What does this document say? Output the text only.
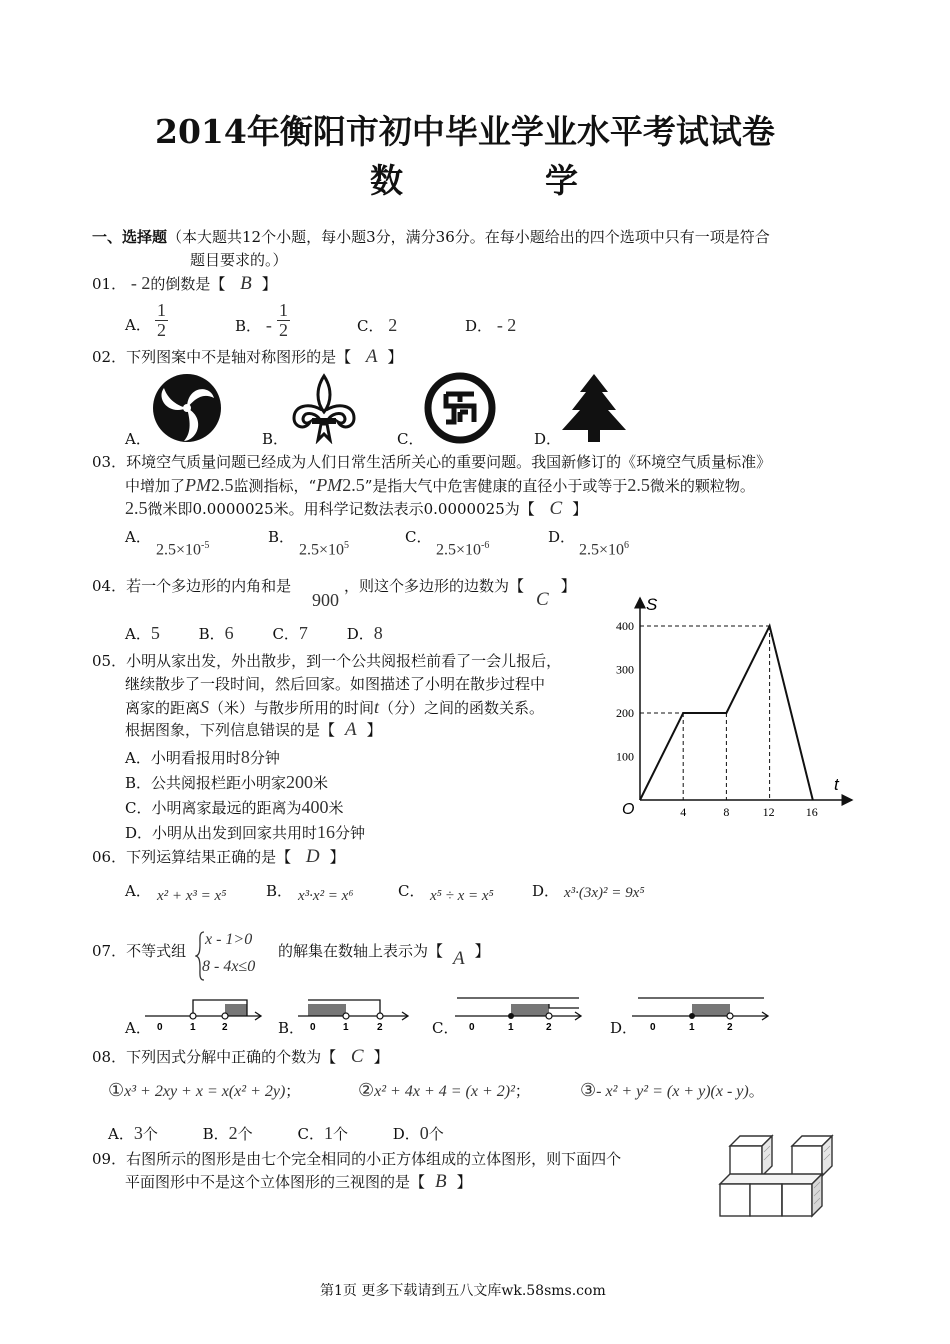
2014年衡阳市初中毕业学业水平考试试卷
数	学
一、选择题（本大题共12个小题，每小题3分，满分36分。在每小题给出的四个选项中只有一项是符合
题目要求的。）
01． - 2的倒数是【 B 】
A． $\frac{1}{2}$	B． - $\frac{1}{2}$	C． 2	D． - 2
02．下列图案中不是轴对称图形的是【 A 】
A．	B．	C．	D．
03．环境空气质量问题已经成为人们日常生活所关心的重要问题。我国新修订的《环境空气质量标准》
中增加了PM2.5监测指标，“PM2.5”是指大气中危害健康的直径小于或等于2.5微米的颗粒物。
2.5微米即0.0000025米。用科学记数法表示0.0000025为【 C 】
A．
$2.5\times 10^{-5}$	B．
$2.5\times 10^5$	C．
$2.5\times 10^{-6}$	D．
$2.5\times 10^6$
04．若一个多边形的内角和是
900
，则这个多边形的边数为【C】
A．5	B．6	C．7	D．8
05．小明从家出发，外出散步，到一个公共阅报栏前看了一会儿报后，
继续散步了一段时间，然后回家。如图描述了小明在散步过程中
离家的距离S（米）与散步所用的时间t（分）之间的函数关系。
根据图象，下列信息错误的是【 A 】
A．小明看报用时8分钟
B．公共阅报栏距小明家200米
C．小明离家最远的距离为400米
D．小明从出发到回家共用时16分钟
100
200
300
400
4	8	12	16
S
t
O
06．下列运算结果正确的是【 D 】
A． x² + x³ = x⁵	B． x³·x² = x⁶	C． x⁵ ÷ x = x⁵	D． x³·(3x)² = 9x⁵
07．不等式组
x - 1>0
8 - 4x≤0
的解集在数轴上表示为【 A 】
A． 0	1	2	B． 0	1	2	C． 0	1	2	D． 0	1	2
08．下列因式分解中正确的个数为【 C 】
①x³ + 2xy + x = x(x² + 2y)；	②x² + 4x + 4 = (x + 2)²；	③- x² + y² = (x + y)(x - y)。
A．3个	B．2个	C．1个	D．0个
09．右图所示的图形是由七个完全相同的小正方体组成的立体图形，则下面四个
平面图形中不是这个立体图形的三视图的是【 B 】
第1页 更多下载请到五八文库wk.58sms.com
